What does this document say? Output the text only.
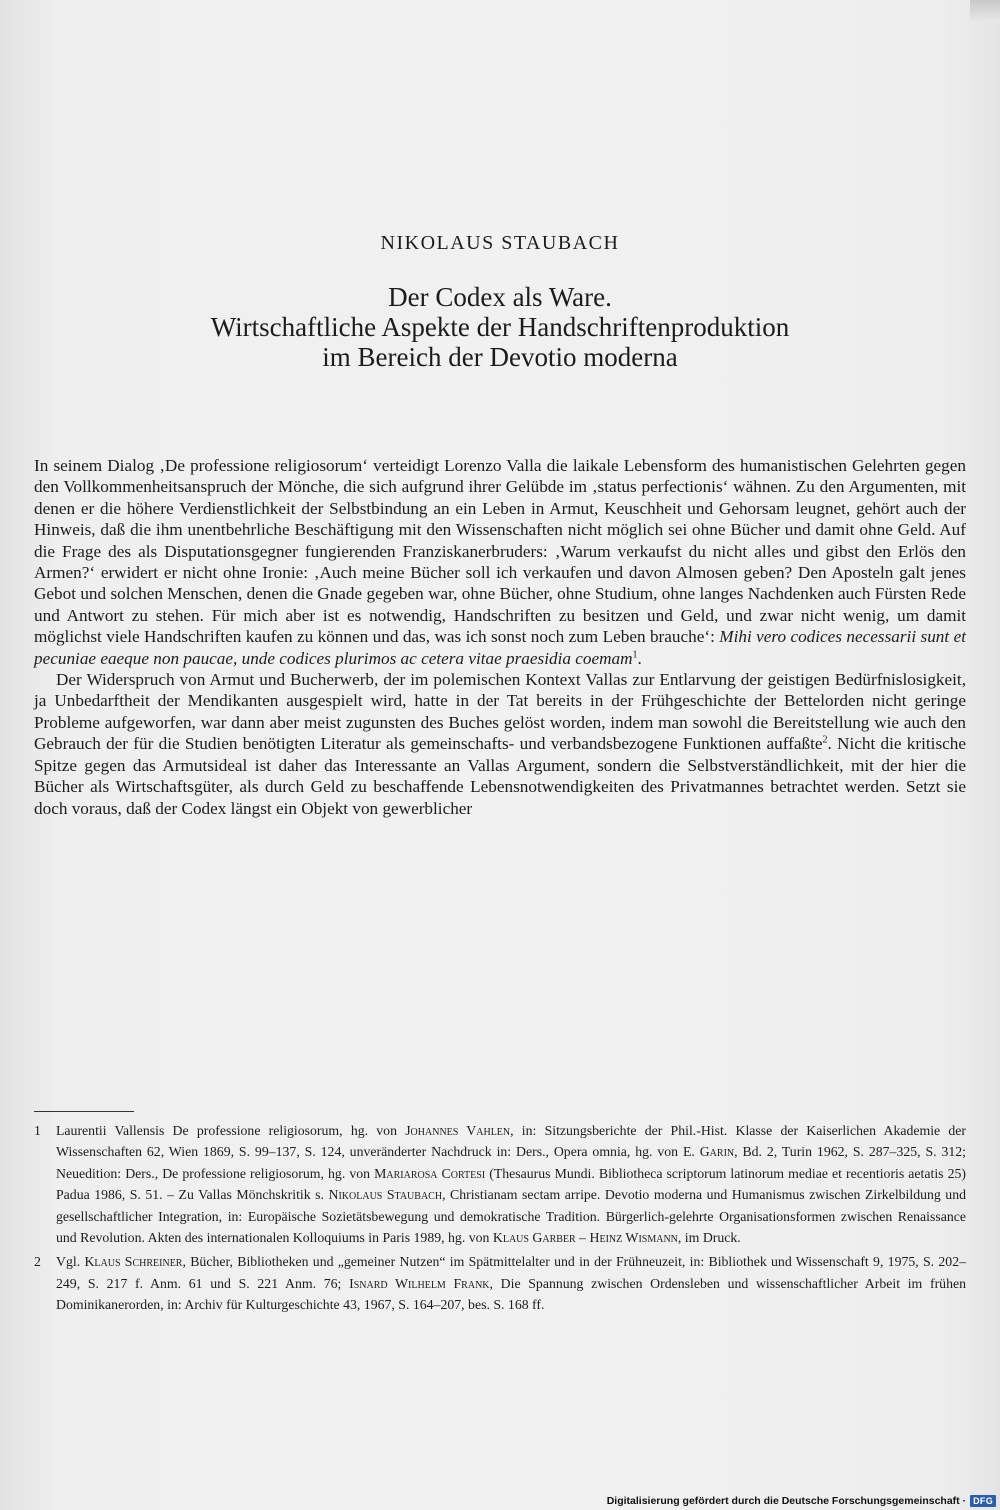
NIKOLAUS STAUBACH
Der Codex als Ware.
Wirtschaftliche Aspekte der Handschriftenproduktion
im Bereich der Devotio moderna

In seinem Dialog ‚De professione religiosorum‘ verteidigt Lorenzo Valla die laikale Lebensform des humanistischen Gelehrten gegen den Vollkommenheitsanspruch der Mönche, die sich aufgrund ihrer Gelübde im ‚status perfectionis‘ wähnen. Zu den Argumenten, mit denen er die höhere Verdienstlichkeit der Selbstbindung an ein Leben in Armut, Keuschheit und Gehorsam leugnet, gehört auch der Hinweis, daß die ihm unentbehrliche Beschäftigung mit den Wissenschaften nicht möglich sei ohne Bücher und damit ohne Geld. Auf die Frage des als Disputationsgegner fungierenden Franziskanerbruders: ‚Warum verkaufst du nicht alles und gibst den Erlös den Armen?‘ erwidert er nicht ohne Ironie: ‚Auch meine Bücher soll ich verkaufen und davon Almosen geben? Den Aposteln galt jenes Gebot und solchen Menschen, denen die Gnade gegeben war, ohne Bücher, ohne Studium, ohne langes Nachdenken auch Fürsten Rede und Antwort zu stehen. Für mich aber ist es notwendig, Handschriften zu besitzen und Geld, und zwar nicht wenig, um damit möglichst viele Handschriften kaufen zu können und das, was ich sonst noch zum Leben brauche‘: Mihi vero codices necessarii sunt et pecuniae eaeque non paucae, unde codices plurimos ac cetera vitae praesidia coemam$^1$.

Der Widerspruch von Armut und Bucherwerb, der im polemischen Kontext Vallas zur Entlarvung der geistigen Bedürfnislosigkeit, ja Unbedarftheit der Mendikanten ausgespielt wird, hatte in der Tat bereits in der Frühgeschichte der Bettelorden nicht geringe Probleme aufgeworfen, war dann aber meist zugunsten des Buches gelöst worden, indem man sowohl die Bereitstellung wie auch den Gebrauch der für die Studien benötigten Literatur als gemeinschafts- und verbandsbezogene Funktionen auffaßte$^2$. Nicht die kritische Spitze gegen das Armutsideal ist daher das Interessante an Vallas Argument, sondern die Selbstverständlichkeit, mit der hier die Bücher als Wirtschaftsgüter, als durch Geld zu beschaffende Lebensnotwendigkeiten des Privatmannes betrachtet werden. Setzt sie doch voraus, daß der Codex längst ein Objekt von gewerblicher

1 Laurentii Vallensis De professione religiosorum, hg. von Johannes Vahlen, in: Sitzungsberichte der Phil.-Hist. Klasse der Kaiserlichen Akademie der Wissenschaften 62, Wien 1869, S. 99–137, S. 124, unveränderter Nachdruck in: Ders., Opera omnia, hg. von E. Garin, Bd. 2, Turin 1962, S. 287–325, S. 312; Neuedition: Ders., De professione religiosorum, hg. von Mariarosa Cortesi (Thesaurus Mundi. Bibliotheca scriptorum latinorum mediae et recentioris aetatis 25) Padua 1986, S. 51. – Zu Vallas Mönchskritik s. Nikolaus Staubach, Christianam sectam arripe. Devotio moderna und Humanismus zwischen Zirkelbildung und gesellschaftlicher Integration, in: Europäische Sozietätsbewegung und demokratische Tradition. Bürgerlich-gelehrte Organisationsformen zwischen Renaissance und Revolution. Akten des internationalen Kolloquiums in Paris 1989, hg. von Klaus Garber – Heinz Wismann, im Druck.
2 Vgl. Klaus Schreiner, Bücher, Bibliotheken und „gemeiner Nutzen“ im Spätmittelalter und in der Frühneuzeit, in: Bibliothek und Wissenschaft 9, 1975, S. 202–249, S. 217 f. Anm. 61 und S. 221 Anm. 76; Isnard Wilhelm Frank, Die Spannung zwischen Ordensleben und wissenschaftlicher Arbeit im frühen Dominikanerorden, in: Archiv für Kulturgeschichte 43, 1967, S. 164–207, bes. S. 168 ff.
Digitalisierung gefördert durch die Deutsche Forschungsgemeinschaft · DFG
